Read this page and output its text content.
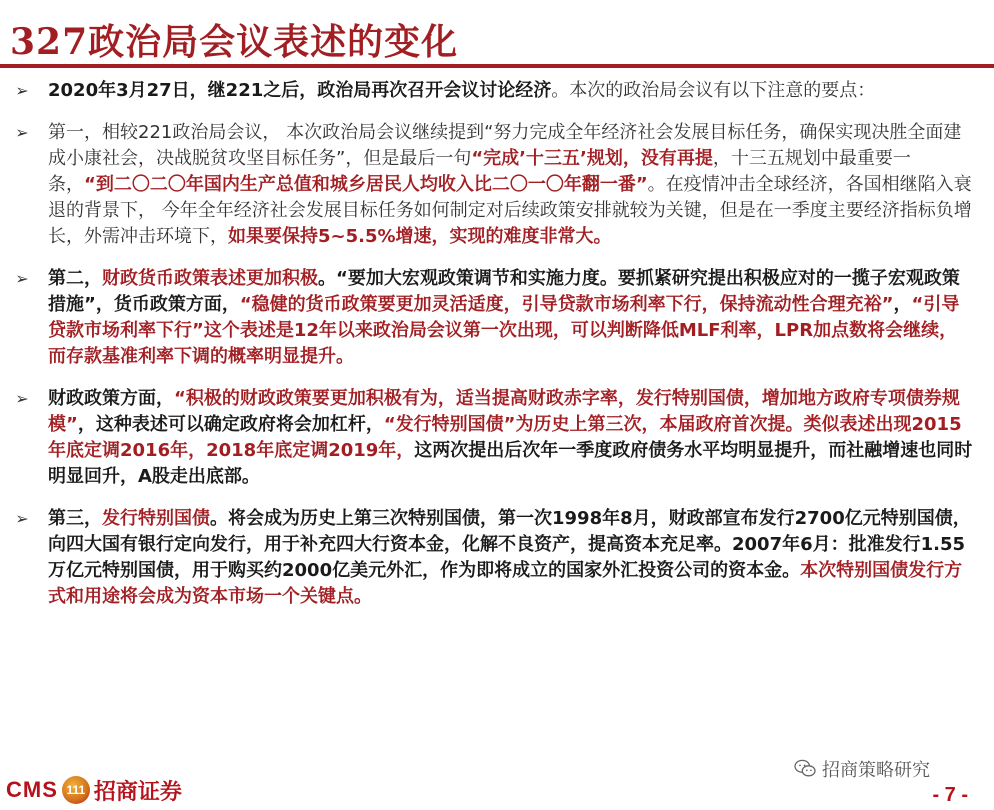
327政治局会议表述的变化
➢ 2020年3月27日，继221之后，政治局再次召开会议讨论经济。本次的政治局会议有以下注意的要点：
➢ 第一，相较221政治局会议， 本次政治局会议继续提到“努力完成全年经济社会发展目标任务，确保实现决胜全面建成小康社会，决战脱贫攻坚目标任务”，但是最后一句“完成’十三五’规划，没有再提，十三五规划中最重要一条，“到二〇二〇年国内生产总值和城乡居民人均收入比二〇一〇年翻一番”。在疫情冲击全球经济，各国相继陷入衰退的背景下， 今年全年经济社会发展目标任务如何制定对后续政策安排就较为关键，但是在一季度主要经济指标负增长，外需冲击环境下，如果要保持5~5.5%增速，实现的难度非常大。
➢ 第二，财政货币政策表述更加积极。“要加大宏观政策调节和实施力度。要抓紧研究提出积极应对的一揽子宏观政策措施”，货币政策方面，“稳健的货币政策要更加灵活适度，引导贷款市场利率下行，保持流动性合理充裕”，“引导贷款市场利率下行”这个表述是12年以来政治局会议第一次出现，可以判断降低MLF利率，LPR加点数将会继续，而存款基准利率下调的概率明显提升。
➢ 财政政策方面，“积极的财政政策要更加积极有为，适当提高财政赤字率，发行特别国债，增加地方政府专项债券规模”，这种表述可以确定政府将会加杠杆，“发行特别国债”为历史上第三次，本届政府首次提。类似表述出现2015年底定调2016年，2018年底定调2019年，这两次提出后次年一季度政府债务水平均明显提升，而社融增速也同时明显回升，A股走出底部。
➢ 第三，发行特别国债。将会成为历史上第三次特别国债，第一次1998年8月，财政部宣布发行2700亿元特别国债，向四大国有银行定向发行，用于补充四大行资本金，化解不良资产，提高资本充足率。2007年6月：批准发行1.55万亿元特别国债，用于购买约2000亿美元外汇，作为即将成立的国家外汇投资公司的资本金。本次特别国债发行方式和用途将会成为资本市场一个关键点。
招商策略研究
CMS 111 招商证券	- 7 -
